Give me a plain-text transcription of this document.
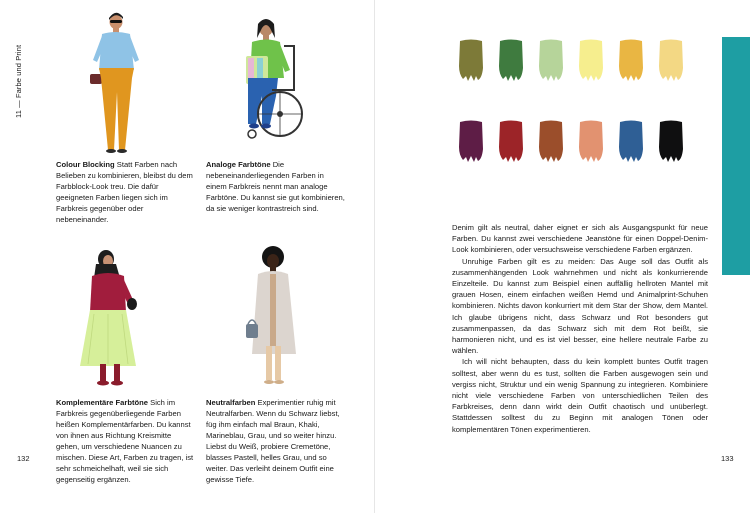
11 — Farbe und Print
Colour Blocking Statt Farben nach Belieben zu kombinieren, bleibst du dem Farbblock-Look treu. Die dafür geeigneten Farben liegen sich im Farbkreis gegenüber oder nebeneinander.
Analoge Farbtöne Die nebeneinanderliegenden Farben in einem Farbkreis nennt man analoge Farbtöne. Du kannst sie gut kombinieren, da sie weniger kontrastreich sind.
Komplementäre Farbtöne Sich im Farbkreis gegenüberliegende Farben heißen Komplementärfarben. Du kannst von ihnen aus Richtung Kreismitte gehen, um verschiedene Nuancen zu mischen. Diese Art, Farben zu tragen, ist sehr schmeichelhaft, weil sie sich gegenseitig ergänzen.
Neutralfarben Experimentier ruhig mit Neutralfarben. Wenn du Schwarz liebst, füg ihm einfach mal Braun, Khaki, Marineblau, Grau, und so weiter hinzu. Liebst du Weiß, probiere Cremetöne, blasses Pastell, helles Grau, und so weiter. Das verleiht deinem Outfit eine gewisse Tiefe.
132

Denim gilt als neutral, daher eignet er sich als Ausgangspunkt für neue Farben. Du kannst zwei verschiedene Jeanstöne für einen Doppel-Denim-Look kombinieren, oder versuchsweise verschiedene Farben ergänzen.

Unruhige Farben gilt es zu meiden: Das Auge soll das Outfit als zusammenhängenden Look wahrnehmen und nicht als konkurrierende Einzelteile. Du kannst zum Beispiel einen auffällig hellroten Mantel mit grauen Hosen, einem einfachen weißen Hemd und Animalprint-Schuhen kombinieren. Nichts davon konkurriert mit dem Star der Show, dem Mantel. Ich glaube übrigens nicht, dass Schwarz und Rot besonders gut zusammenpassen, da das Schwarz sich mit dem Rot beißt, sie harmonieren nicht, und es ist viel besser, eine hellere neutrale Farbe zu wählen.

Ich will nicht behaupten, dass du kein komplett buntes Outfit tragen solltest, aber wenn du es tust, sollten die Farben ausgewogen sein und vergiss nicht, Struktur und ein wenig Spannung zu integrieren. Kombiniere nicht viele verschiedene Farben von unterschiedlichen Teilen des Farbkreises, denn dann wirkt dein Outfit chaotisch und unüberlegt. Stattdessen solltest du zu Beginn mit analogen Tönen oder komplementären Tönen experimentieren.

133
